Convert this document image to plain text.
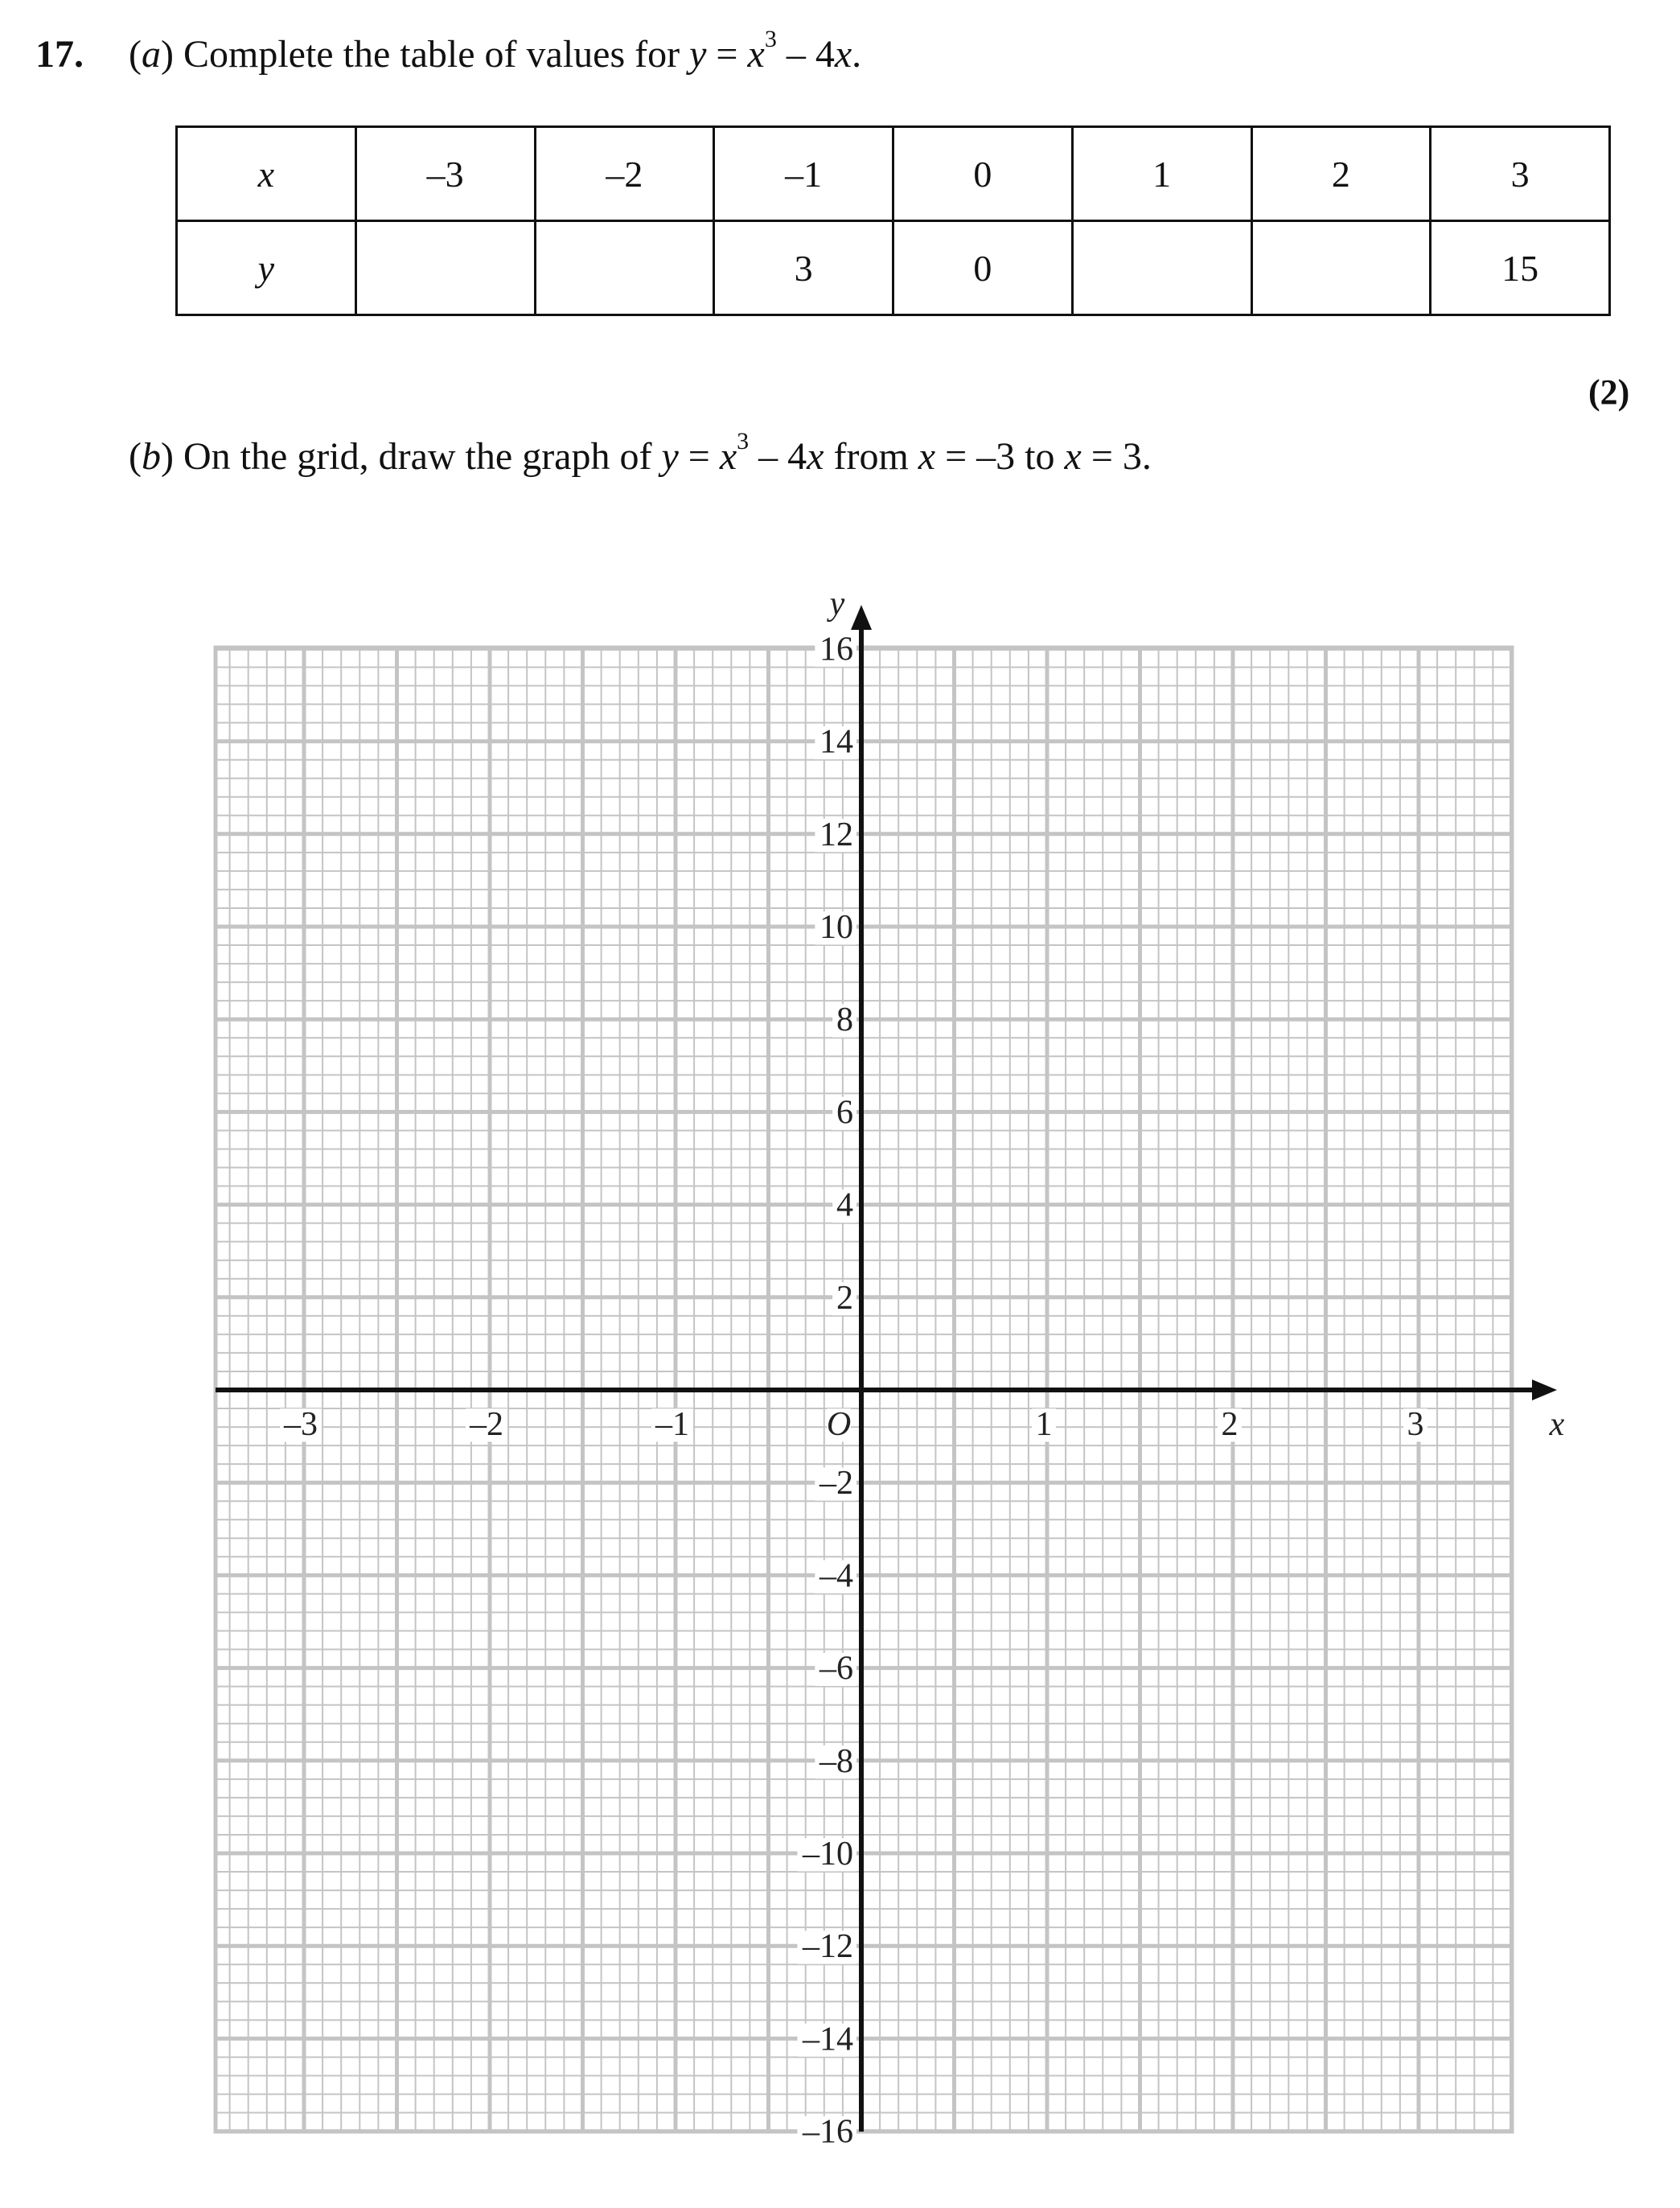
17. (a) Complete the table of values for $y = x^3 - 4x$.
x	–3	–2	–1	0	1	2	3
y			3	0			15
(2)
(b) On the grid, draw the graph of $y = x^3 - 4x$ from x = –3 to x = 3.
–3	–2	–1	1	2	3
16
14
12
10
8
6
4
2
–2
–4
–6
–8
–10
–12
–14
–16
O	x
y
